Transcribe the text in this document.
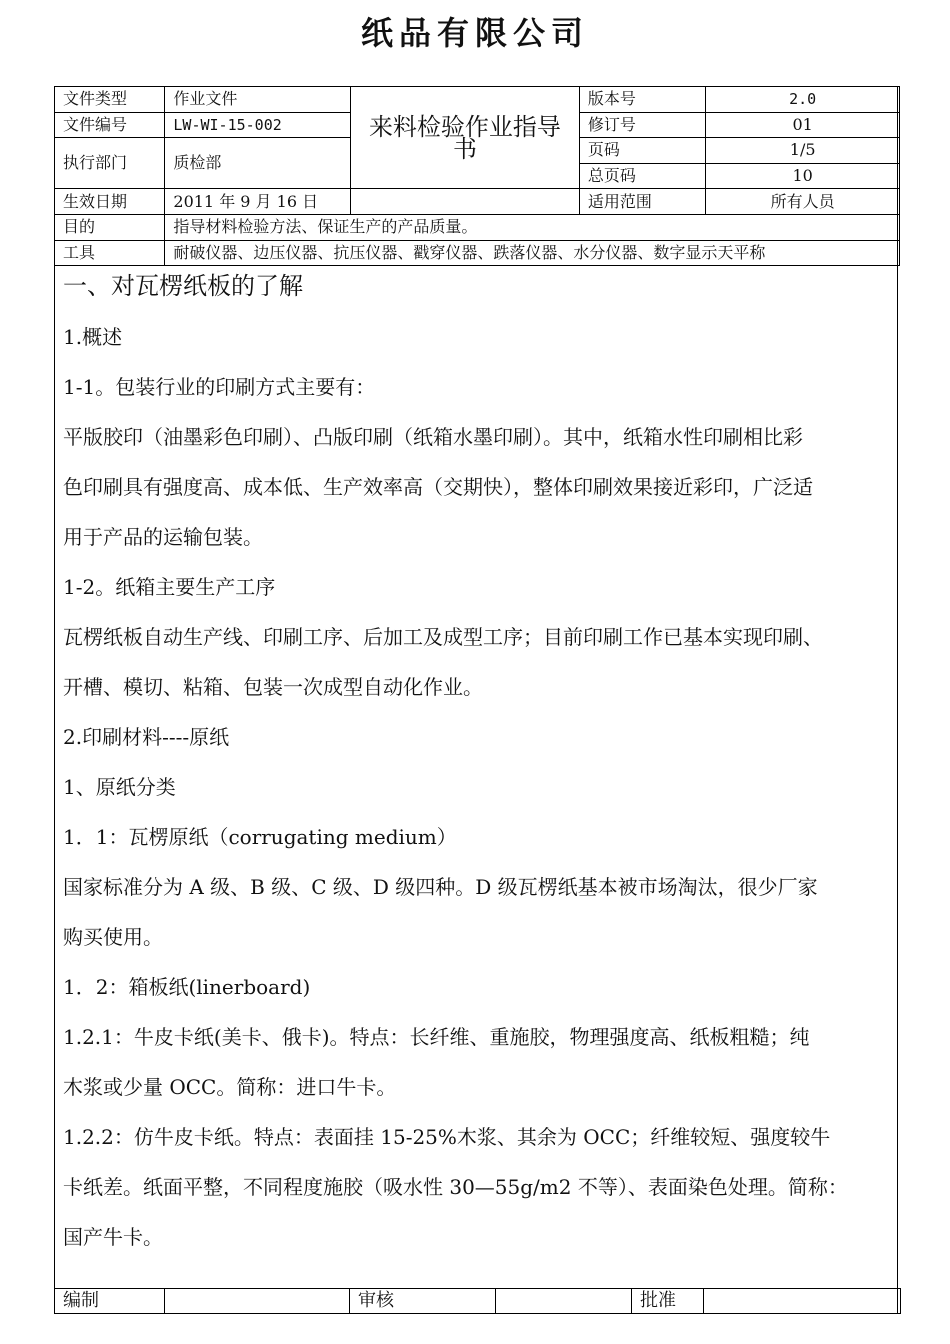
纸品有限公司
文件类型	作业文件	来料检验作业指导书	版本号	2.0
文件编号	LW-WI-15-002		修订号	01
执行部门	质检部		页码	1/5
			总页码	10
生效日期	2011 年 9 月 16 日		适用范围	所有人员
目的	指导材料检验方法、保证生产的产品质量。			
工具	耐破仪器、边压仪器、抗压仪器、戳穿仪器、跌落仪器、水分仪器、数字显示天平称			

一、对瓦楞纸板的了解

1.概述

1-1。包装行业的印刷方式主要有：

平版胶印（油墨彩色印刷）、凸版印刷（纸箱水墨印刷）。其中，纸箱水性印刷相比彩

色印刷具有强度高、成本低、生产效率高（交期快），整体印刷效果接近彩印，广泛适

用于产品的运输包装。

1-2。纸箱主要生产工序

瓦楞纸板自动生产线、印刷工序、后加工及成型工序；目前印刷工作已基本实现印刷、

开槽、模切、粘箱、包装一次成型自动化作业。

2.印刷材料----原纸

1、原纸分类

1．1：瓦楞原纸（corrugating medium）

国家标准分为 A 级、B 级、C 级、D 级四种。D 级瓦楞纸基本被市场淘汰，很少厂家

购买使用。

1．2：箱板纸(linerboard)

1.2.1：牛皮卡纸(美卡、俄卡)。特点：长纤维、重施胶，物理强度高、纸板粗糙；纯

木浆或少量 OCC。简称：进口牛卡。

1.2.2：仿牛皮卡纸。特点：表面挂 15-25%木浆、其余为 OCC；纤维较短、强度较牛

卡纸差。纸面平整，不同程度施胶（吸水性 30—55g/m2 不等）、表面染色处理。简称：

国产牛卡。

编制		审核		批准	
